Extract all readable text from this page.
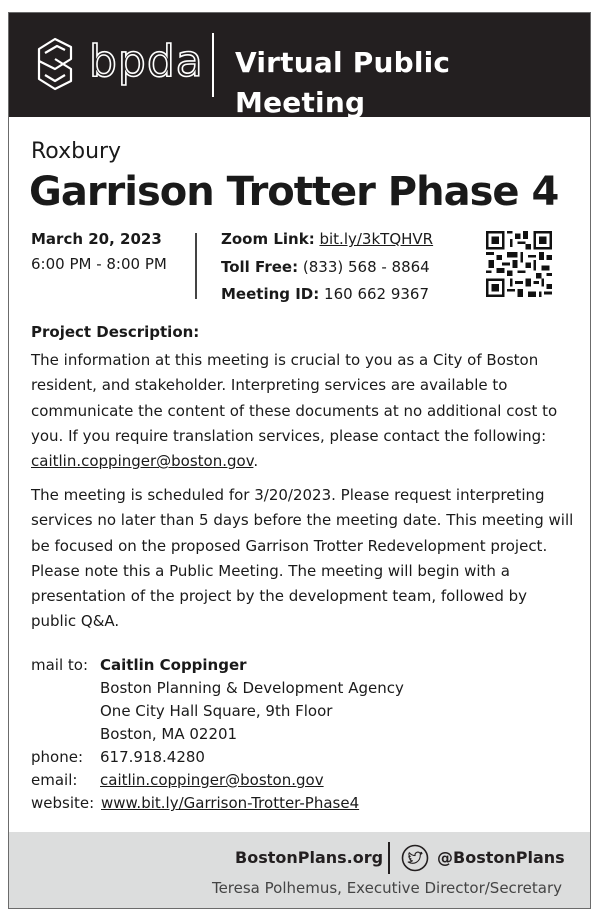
bpda Virtual Public Meeting
Roxbury
Garrison Trotter Phase 4
March 20, 2023
6:00 PM - 8:00 PM
Zoom Link: bit.ly/3kTQHVR
Toll Free: (833) 568 - 8864
Meeting ID: 160 662 9367
Project Description:
The information at this meeting is crucial to you as a City of Boston resident, and stakeholder. Interpreting services are available to communicate the content of these documents at no additional cost to you. If you require translation services, please contact the following: caitlin.coppinger@boston.gov.
The meeting is scheduled for 3/20/2023. Please request interpreting services no later than 5 days before the meeting date. This meeting will be focused on the proposed Garrison Trotter Redevelopment project. Please note this a Public Meeting. The meeting will begin with a presentation of the project by the development team, followed by public Q&A.
mail to: Caitlin Coppinger
Boston Planning & Development Agency
One City Hall Square, 9th Floor
Boston, MA 02201
phone: 617.918.4280
email: caitlin.coppinger@boston.gov
website: www.bit.ly/Garrison-Trotter-Phase4
BostonPlans.org	@BostonPlans
Teresa Polhemus, Executive Director/Secretary
